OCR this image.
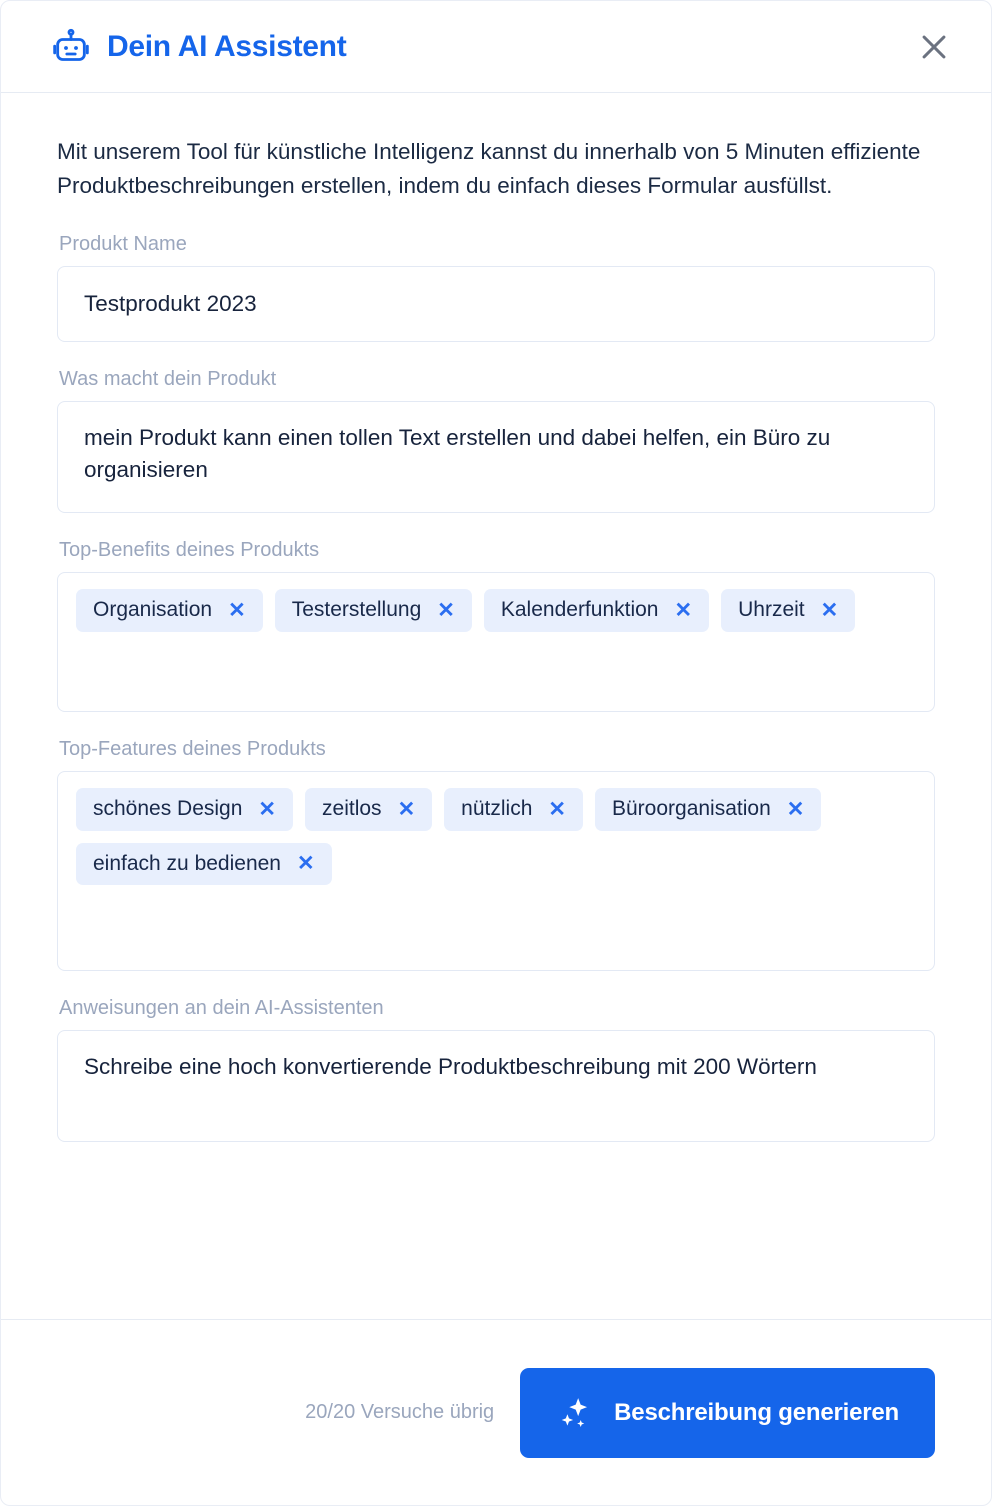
Dein AI Assistent

Mit unserem Tool für künstliche Intelligenz kannst du innerhalb von 5 Minuten effiziente Produktbeschreibungen erstellen, indem du einfach dieses Formular ausfüllst.

Produkt Name
Testprodukt 2023
Was macht dein Produkt
mein Produkt kann einen tollen Text erstellen und dabei helfen, ein Büro zu organisieren
Top-Benefits deines Produkts
Organisation ✕ Testerstellung ✕ Kalenderfunktion ✕ Uhrzeit ✕
Top-Features deines Produkts
schönes Design ✕ zeitlos ✕ nützlich ✕ Büroorganisation ✕
einfach zu bedienen ✕
Anweisungen an dein AI-Assistenten
Schreibe eine hoch konvertierende Produktbeschreibung mit 200 Wörtern
20/20 Versuche übrig	Beschreibung generieren
